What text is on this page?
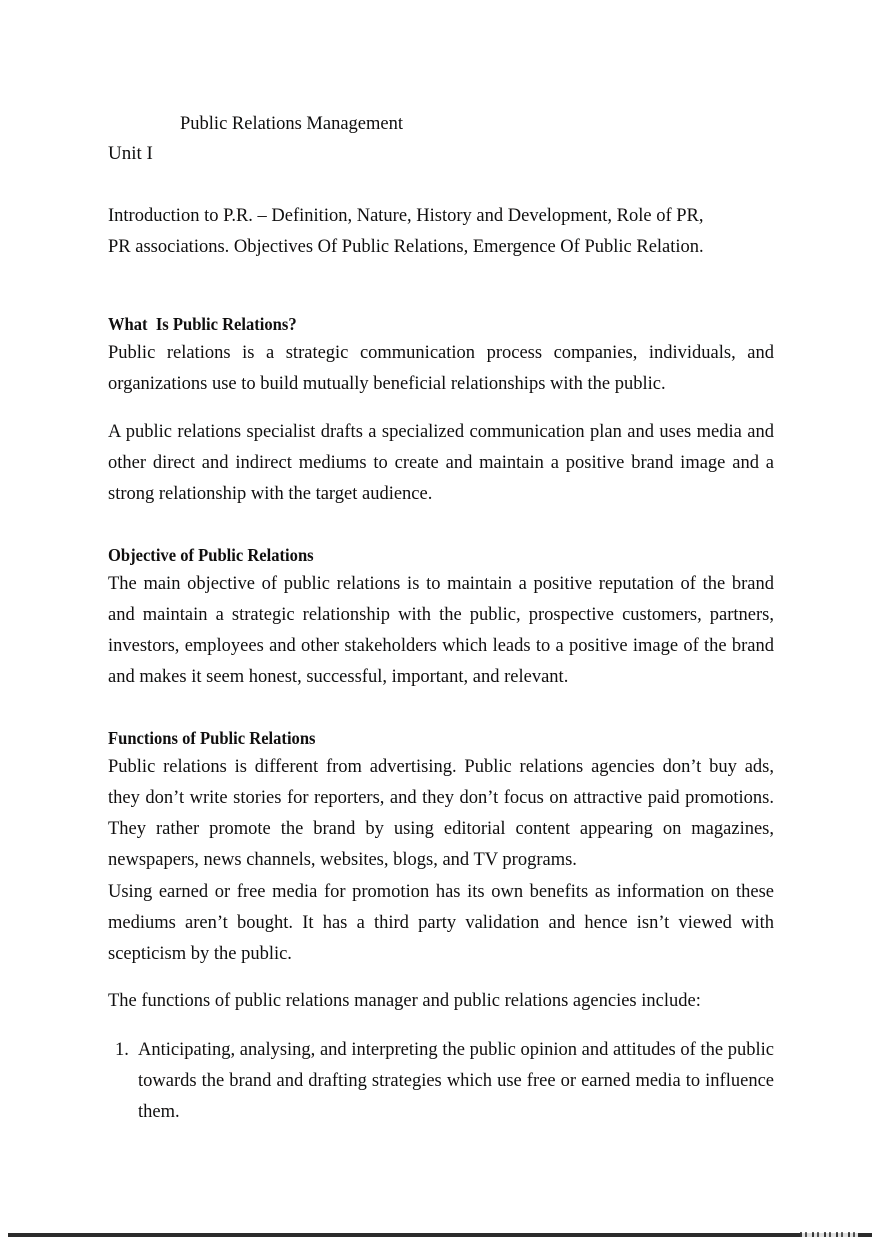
Public Relations Management

Unit I

Introduction to P.R. – Definition, Nature, History and Development, Role of PR,
PR associations. Objectives Of Public Relations, Emergence Of Public Relation.
What  Is Public Relations?

Public relations is a strategic communication process companies, individuals, and organizations use to build mutually beneficial relationships with the public.

A public relations specialist drafts a specialized communication plan and uses media and other direct and indirect mediums to create and maintain a positive brand image and a strong relationship with the target audience.

Objective of Public Relations

The main objective of public relations is to maintain a positive reputation of the brand and maintain a strategic relationship with the public, prospective customers, partners, investors, employees and other stakeholders which leads to a positive image of the brand and makes it seem honest, successful, important, and relevant.

Functions of Public Relations

Public relations is different from advertising. Public relations agencies don’t buy ads, they don’t write stories for reporters, and they don’t focus on attractive paid promotions. They rather promote the brand by using editorial content appearing on magazines, newspapers, news channels, websites, blogs, and TV programs.

Using earned or free media for promotion has its own benefits as information on these mediums aren’t bought. It has a third party validation and hence isn’t viewed with scepticism by the public.

The functions of public relations manager and public relations agencies include:

1. Anticipating, analysing, and interpreting the public opinion and attitudes of the public towards the brand and drafting strategies which use free or earned media to influence them.
